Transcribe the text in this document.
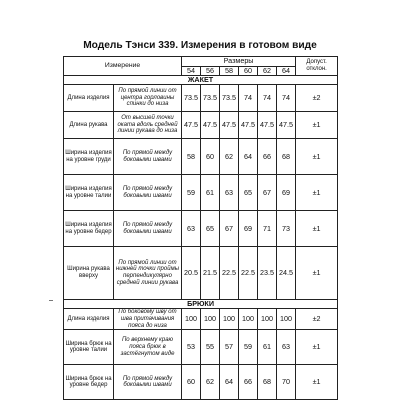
Модель Тэнси 339. Измерения в готовом виде
Измерение		Размеры						Допуст. отклон.
		54	56	58	60	62	64	
ЖАКЕТ								
Длина изделия	По прямой линии от центра горловины спинки до низа	73.5	73.5	73.5	74	74	74	±2
Длина рукава	От высшей точки оката вдоль средней линии рукава до низа	47.5	47.5	47.5	47.5	47.5	47.5	±1
Ширина изделия на уровне груди	По прямой между боковыми швами	58	60	62	64	66	68	±1
Ширина изделия на уровне талии	По прямой между боковыми швами	59	61	63	65	67	69	±1
Ширина изделия на уровне бедер	По прямой между боковыми швами	63	65	67	69	71	73	±1
Ширина рукава вверху	По прямой линии от нижней точки проймы перпендикулярно средней линии рукава	20.5	21.5	22.5	22.5	23.5	24.5	±1
БРЮКИ								
Длина изделия	По боковому шву от шва притачивания пояса до низа	100	100	100	100	100	100	±2
Ширина брюк на уровне талии	По верхнему краю пояса брюк в застёгнутом виде	53	55	57	59	61	63	±1
Ширина брюк на уровне бедер	По прямой между боковыми швами	60	62	64	66	68	70	±1
